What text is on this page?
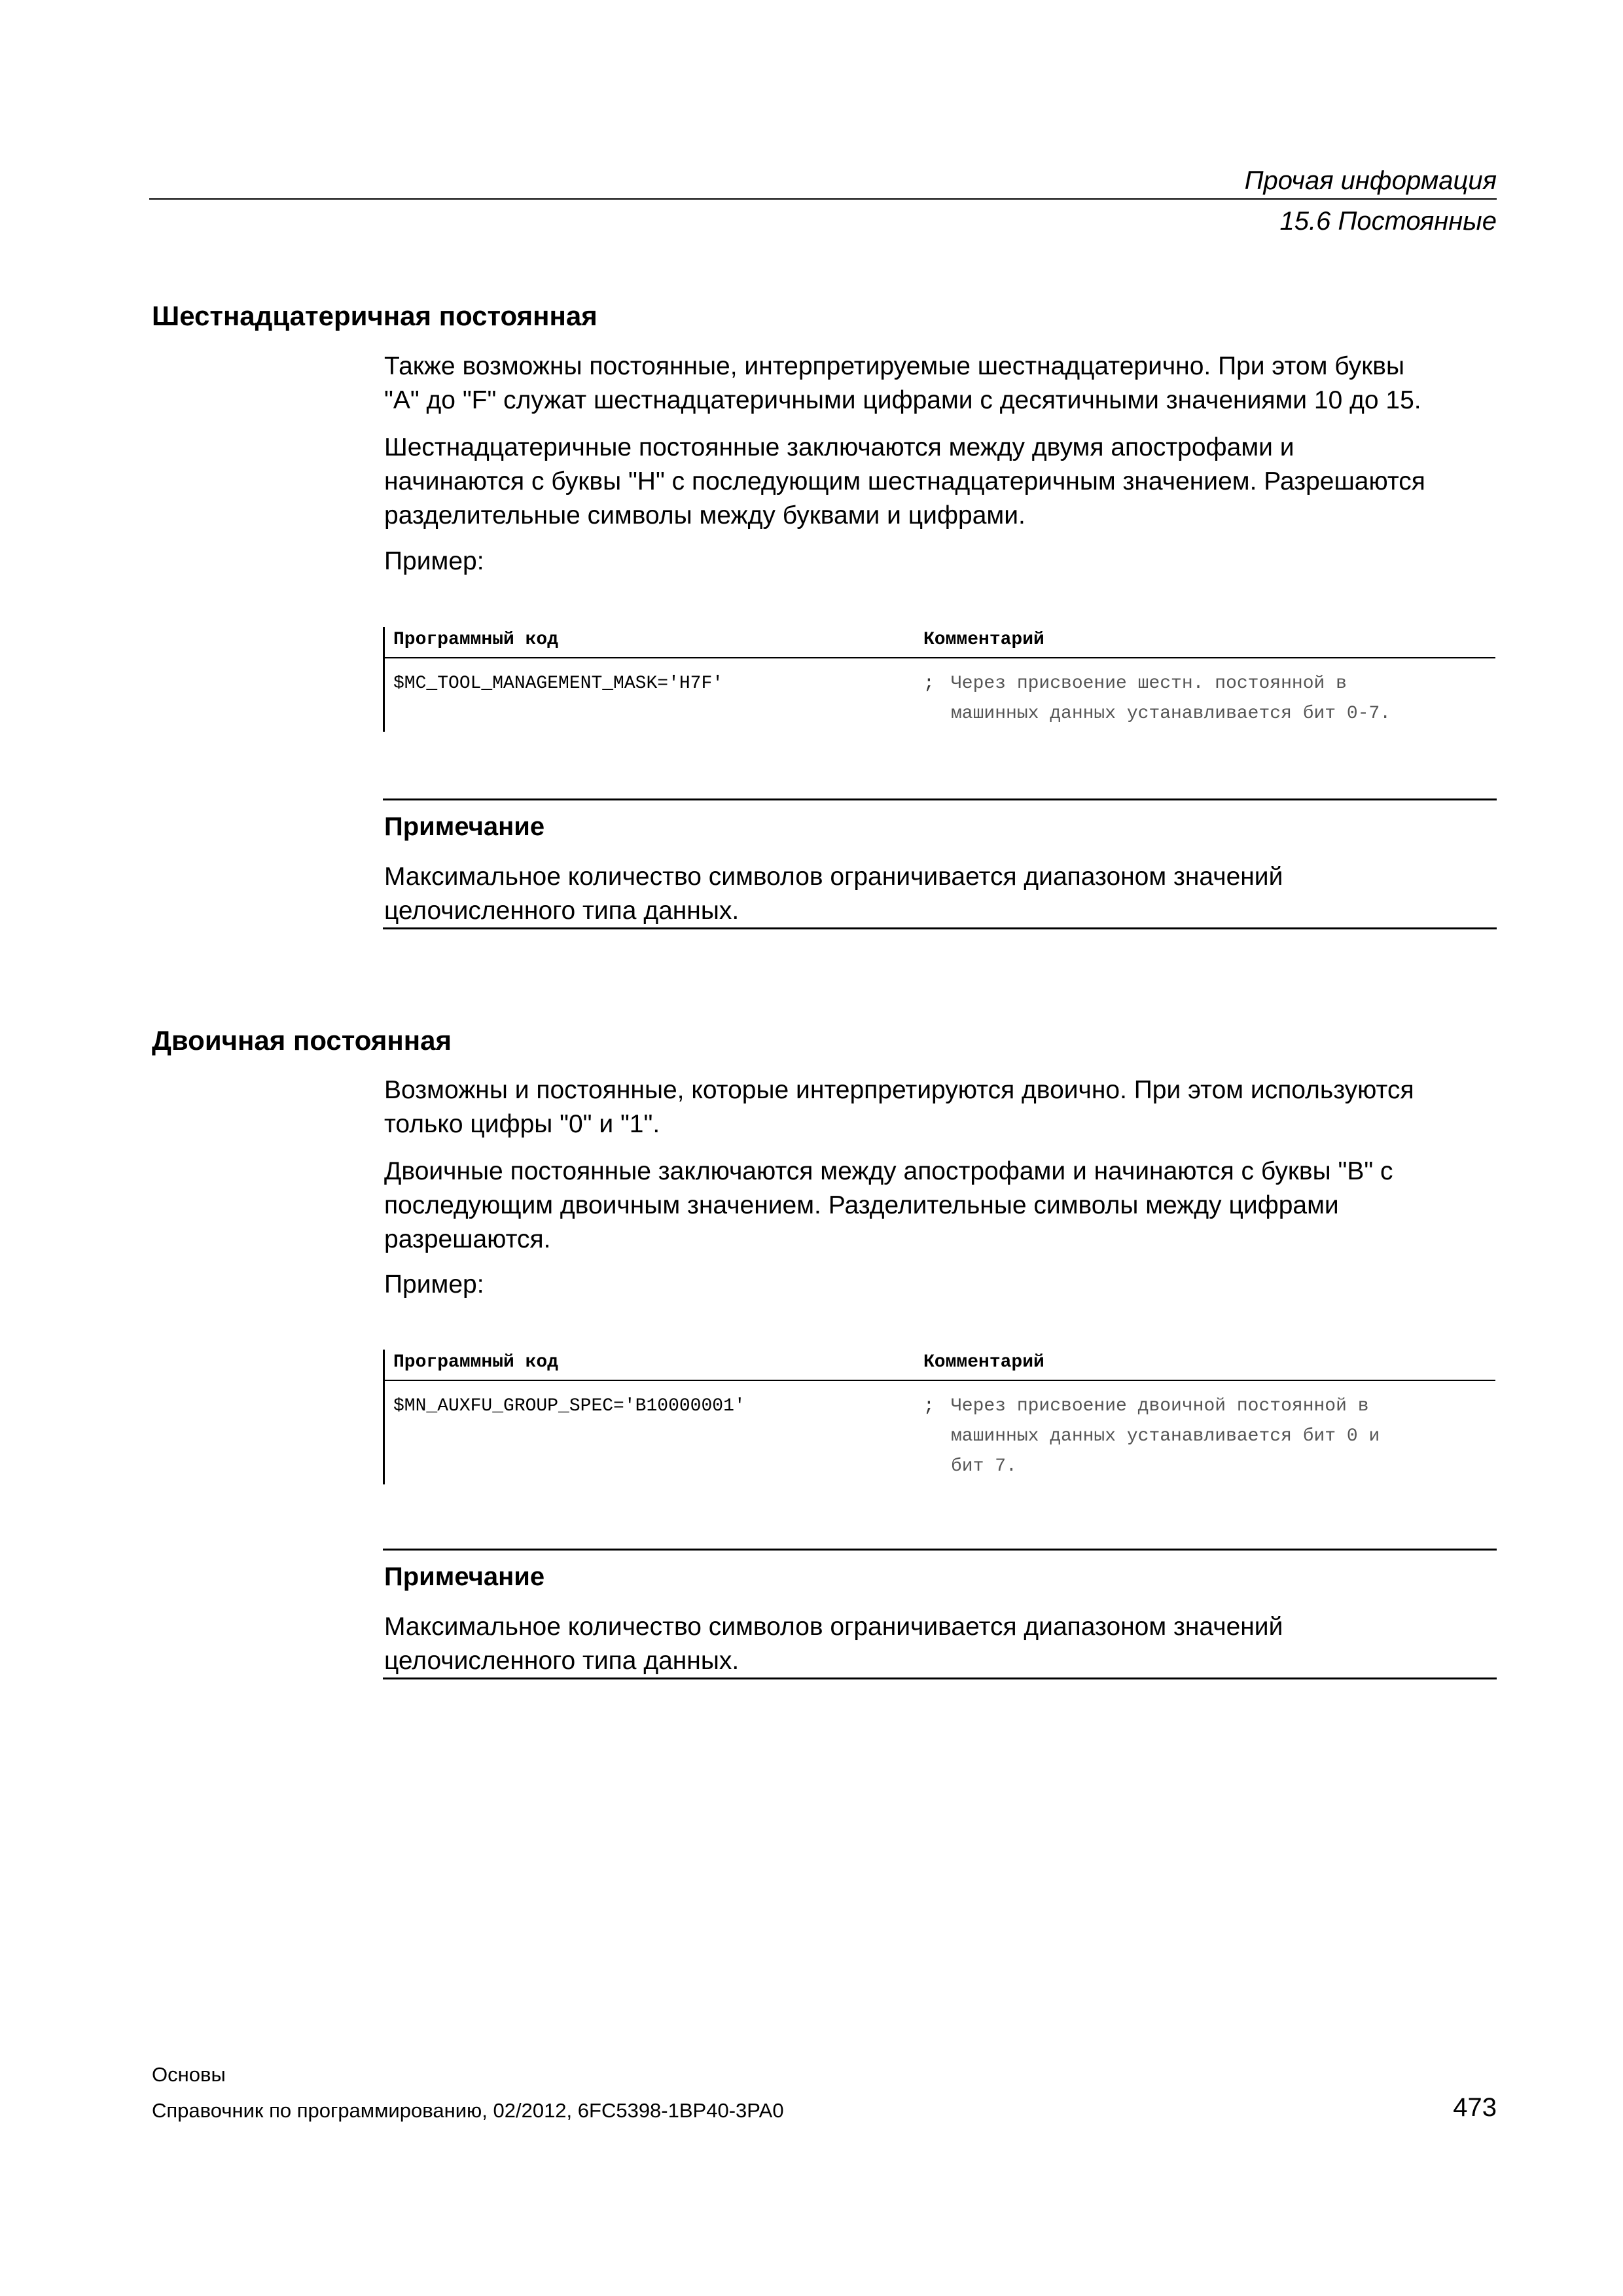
Прочая информация
15.6 Постоянные
Шестнадцатеричная постоянная
Также возможны постоянные, интерпретируемые шестнадцатерично. При этом буквы
"A" до "F" служат шестнадцатеричными цифрами с десятичными значениями 10 до 15.
Шестнадцатеричные постоянные заключаются между двумя апострофами и
начинаются с буквы "H" с последующим шестнадцатеричным значением. Разрешаются
разделительные символы между буквами и цифрами.
Пример:
Программный код	Комментарий
$MC_TOOL_MANAGEMENT_MASK='H7F'	; Через присвоение шестн. постоянной в
машинных данных устанавливается бит 0-7.
Примечание
Максимальное количество символов ограничивается диапазоном значений
целочисленного типа данных.
Двоичная постоянная
Возможны и постоянные, которые интерпретируются двоично. При этом используются
только цифры "0" и "1".
Двоичные постоянные заключаются между апострофами и начинаются с буквы "B" с
последующим двоичным значением. Разделительные символы между цифрами
разрешаются.
Пример:
Программный код	Комментарий
$MN_AUXFU_GROUP_SPEC='B10000001'	; Через присвоение двоичной постоянной в
машинных данных устанавливается бит 0 и
бит 7.
Примечание
Максимальное количество символов ограничивается диапазоном значений
целочисленного типа данных.
Основы
Справочник по программированию, 02/2012, 6FC5398-1BP40-3PA0	473
